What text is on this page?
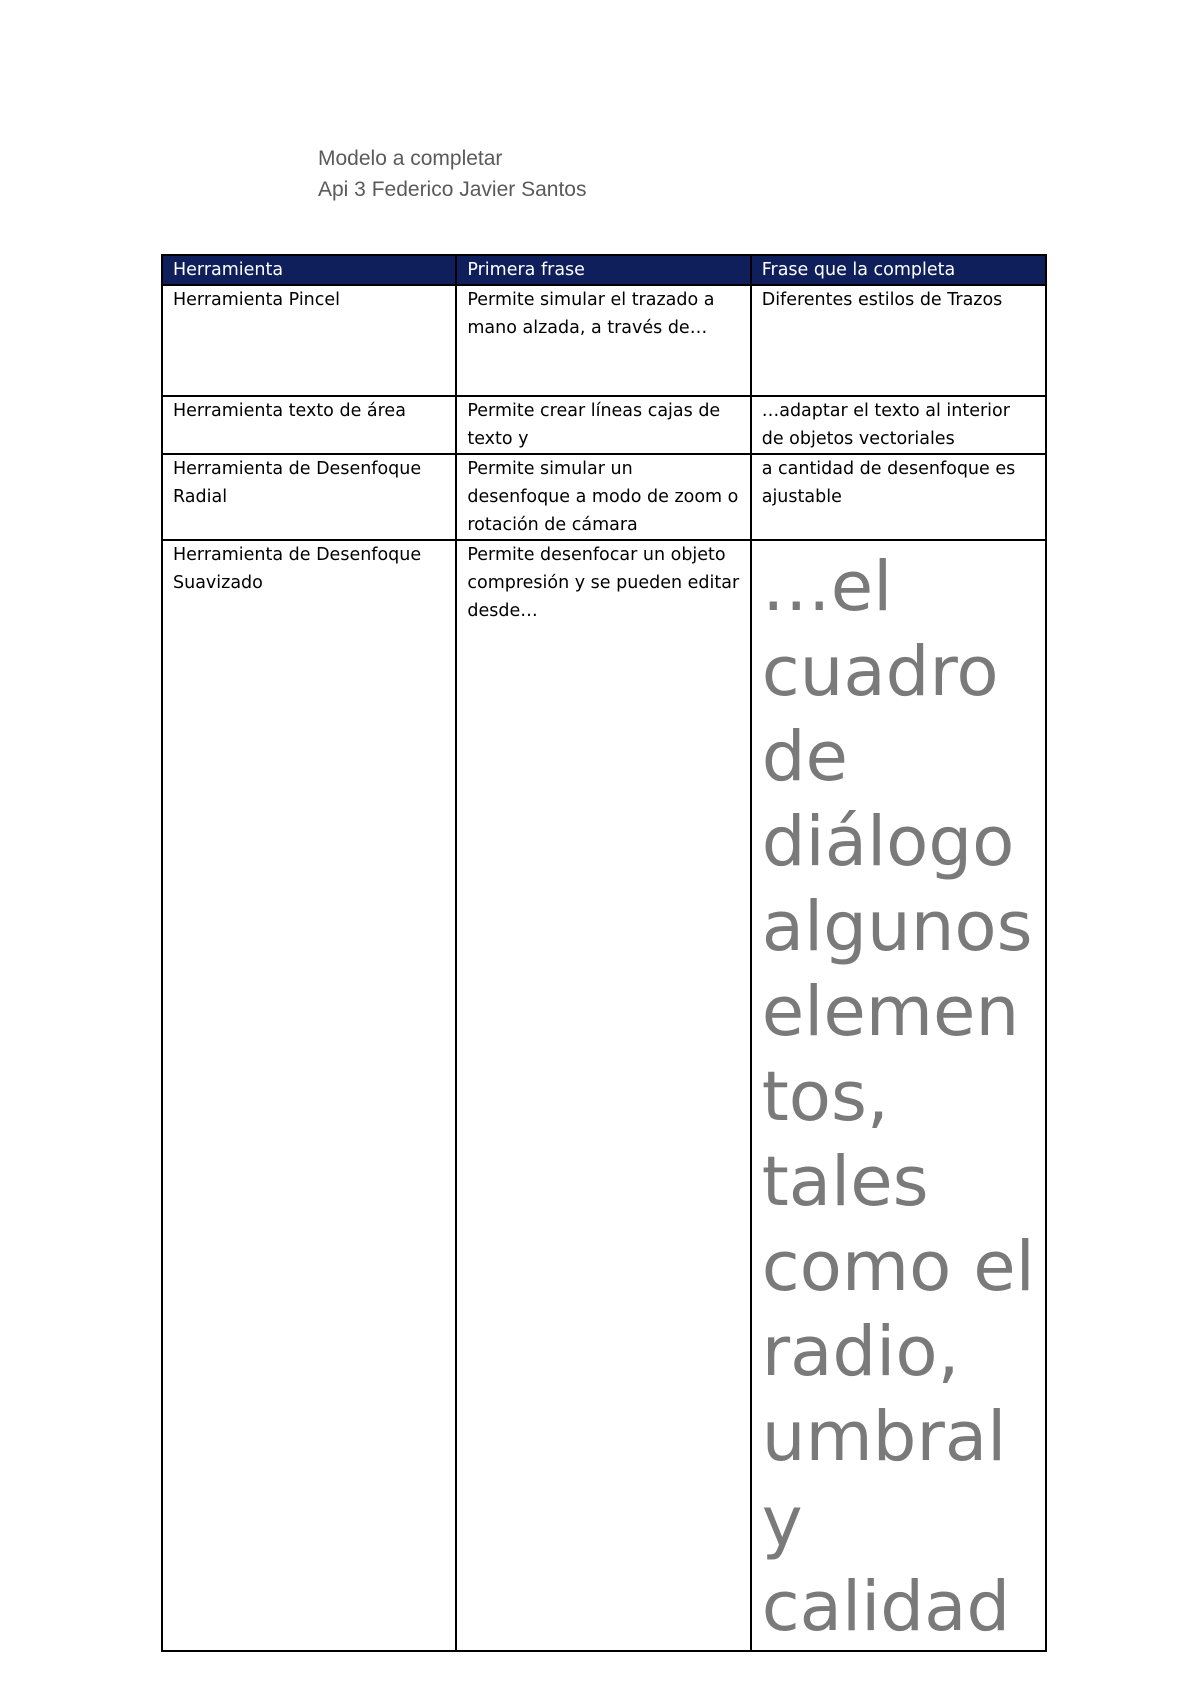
Modelo a completar
Api 3 Federico Javier Santos
Herramienta	Primera frase	Frase que la completa
Herramienta Pincel	Permite simular el trazado a mano alzada, a través de…	Diferentes estilos de Trazos
Herramienta texto de área	Permite crear líneas cajas de texto y	…adaptar el texto al interior de objetos vectoriales
Herramienta de Desenfoque Radial	Permite simular un desenfoque a modo de zoom o rotación de cámara	a cantidad de desenfoque es ajustable
Herramienta de Desenfoque Suavizado	Permite desenfocar un objeto compresión y se pueden editar desde…	…el cuadro de diálogo algunos elementos, tales como el radio, umbral y calidad
